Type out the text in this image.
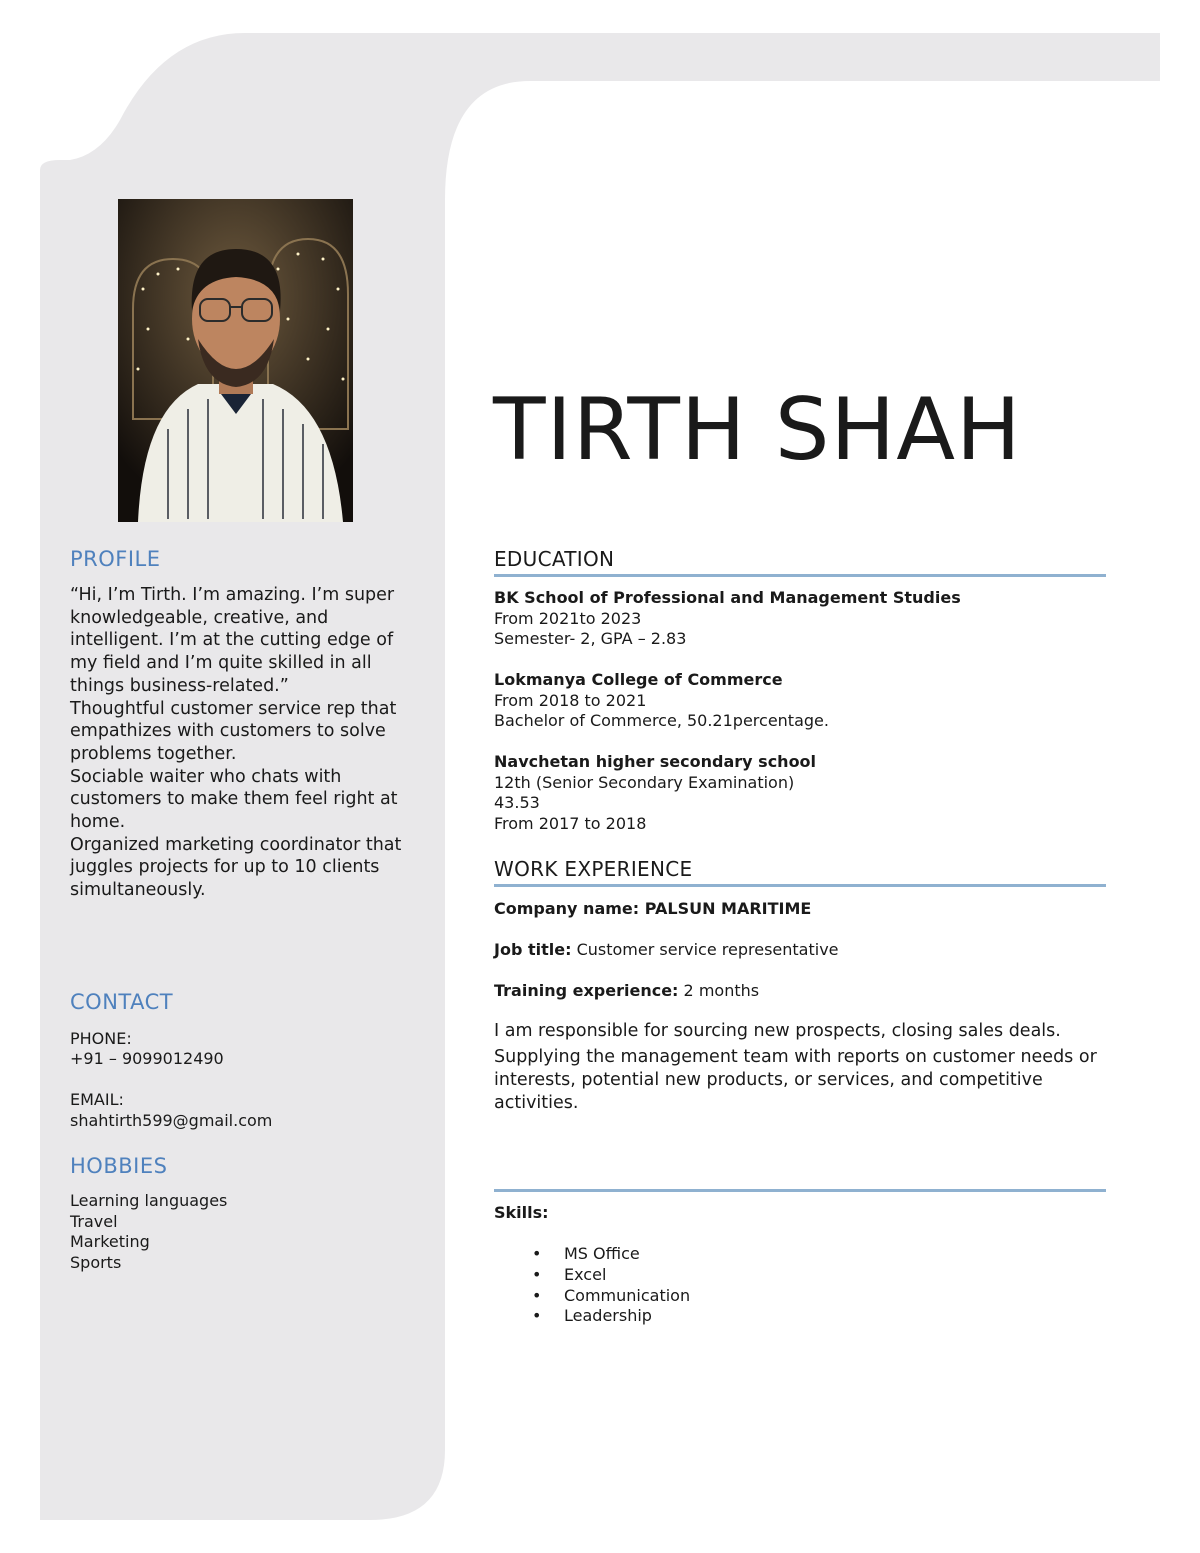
PROFILE

“Hi, I’m Tirth. I’m amazing. I’m super knowledgeable, creative, and intelligent. I’m at the cutting edge of my field and I’m quite skilled in all things business-related.”

Thoughtful customer service rep that empathizes with customers to solve problems together.

Sociable waiter who chats with customers to make them feel right at home.

Organized marketing coordinator that juggles projects for up to 10 clients simultaneously.

CONTACT
PHONE:
+91 – 9099012490
EMAIL:
shahtirth599@gmail.com
HOBBIES
Learning languages
Travel
Marketing
Sports
TIRTH SHAH
EDUCATION
BK School of Professional and Management Studies
From 2021to 2023
Semester- 2, GPA – 2.83
Lokmanya College of Commerce
From 2018 to 2021
Bachelor of Commerce, 50.21percentage.
Navchetan higher secondary school
12th (Senior Secondary Examination)
43.53
From 2017 to 2018
WORK EXPERIENCE
Company name: PALSUN MARITIME
Job title: Customer service representative
Training experience: 2 months

I am responsible for sourcing new prospects, closing sales deals.

Supplying the management team with reports on customer needs or interests, potential new products, or services, and competitive activities.

Skills:
• MS Office
• Excel
• Communication
• Leadership
